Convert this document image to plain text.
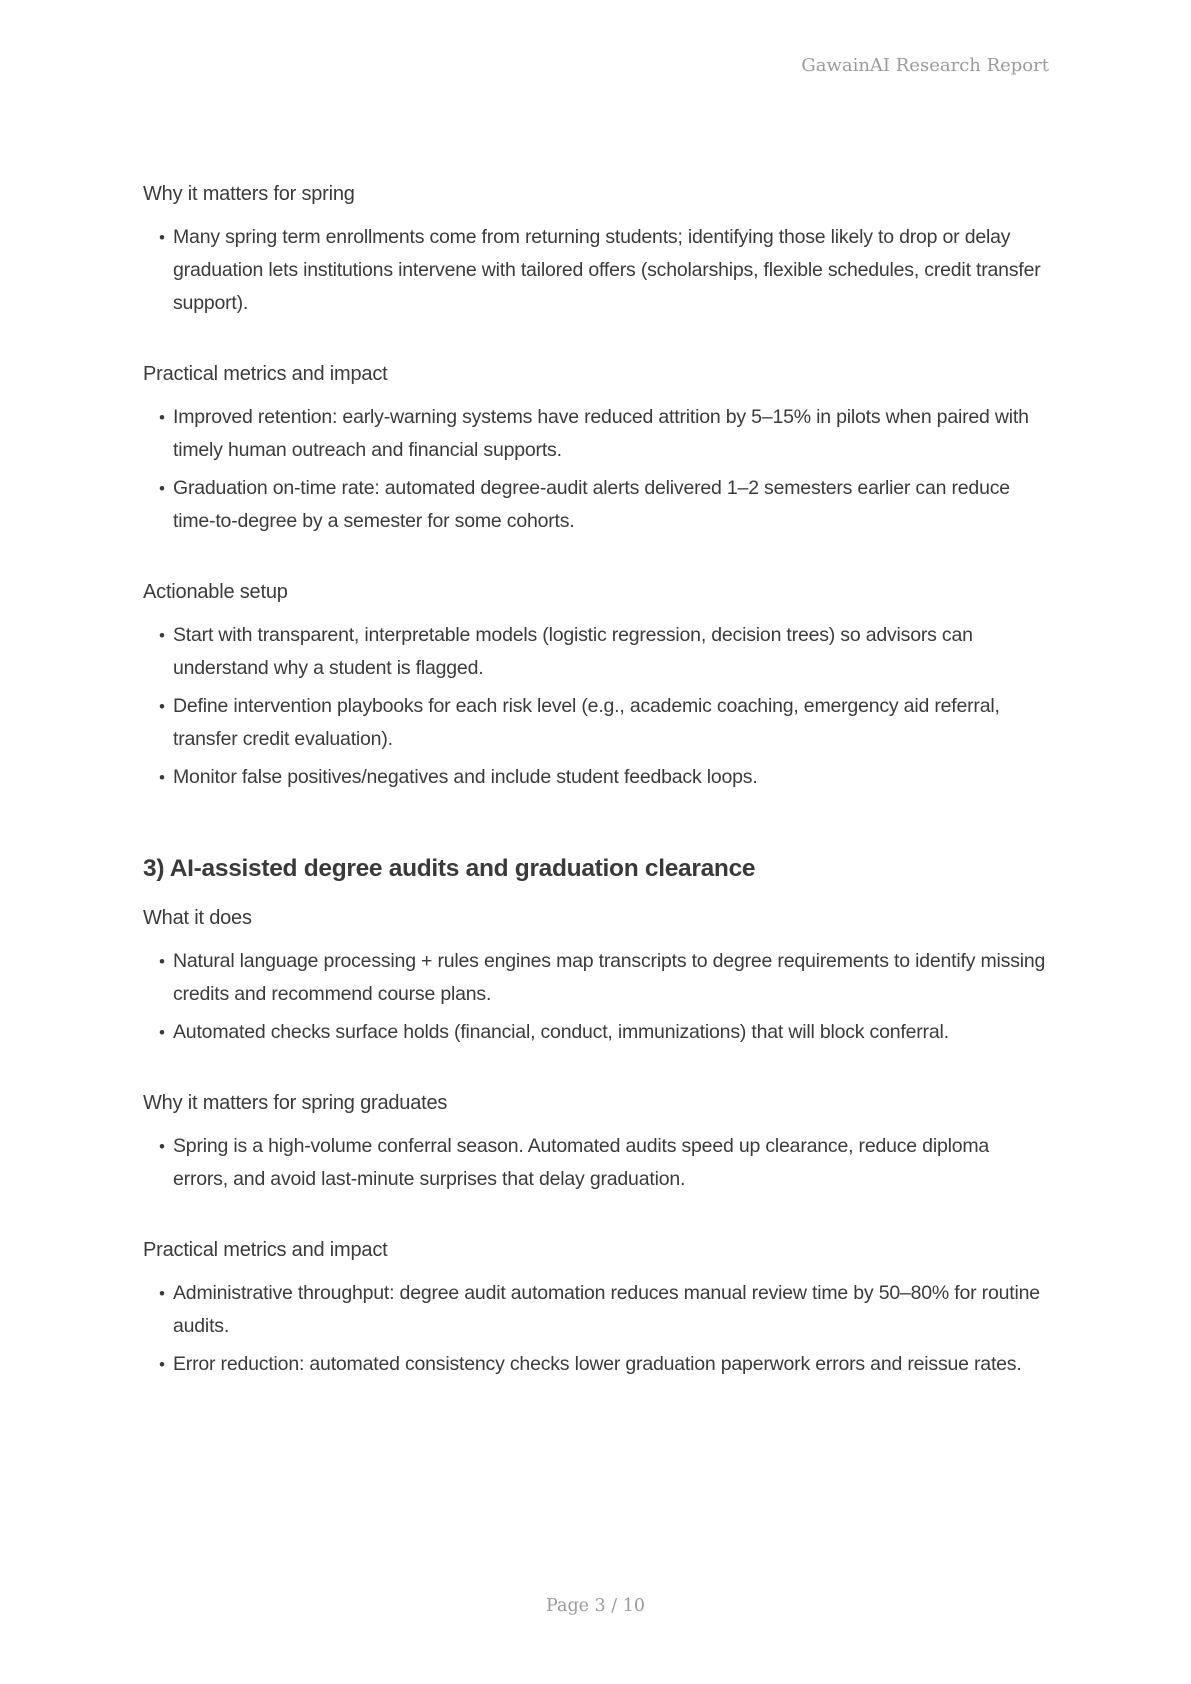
GawainAI Research Report
Why it matters for spring
• Many spring term enrollments come from returning students; identifying those likely to drop or delay graduation lets institutions intervene with tailored offers (scholarships, flexible schedules, credit transfer support).
Practical metrics and impact
• Improved retention: early-warning systems have reduced attrition by 5–15% in pilots when paired with timely human outreach and financial supports.
• Graduation on-time rate: automated degree-audit alerts delivered 1–2 semesters earlier can reduce time-to-degree by a semester for some cohorts.
Actionable setup
• Start with transparent, interpretable models (logistic regression, decision trees) so advisors can understand why a student is flagged.
• Define intervention playbooks for each risk level (e.g., academic coaching, emergency aid referral, transfer credit evaluation).
• Monitor false positives/negatives and include student feedback loops.
3) AI-assisted degree audits and graduation clearance
What it does
• Natural language processing + rules engines map transcripts to degree requirements to identify missing credits and recommend course plans.
• Automated checks surface holds (financial, conduct, immunizations) that will block conferral.
Why it matters for spring graduates
• Spring is a high-volume conferral season. Automated audits speed up clearance, reduce diploma errors, and avoid last-minute surprises that delay graduation.
Practical metrics and impact
• Administrative throughput: degree audit automation reduces manual review time by 50–80% for routine audits.
• Error reduction: automated consistency checks lower graduation paperwork errors and reissue rates.
Page 3 / 10
